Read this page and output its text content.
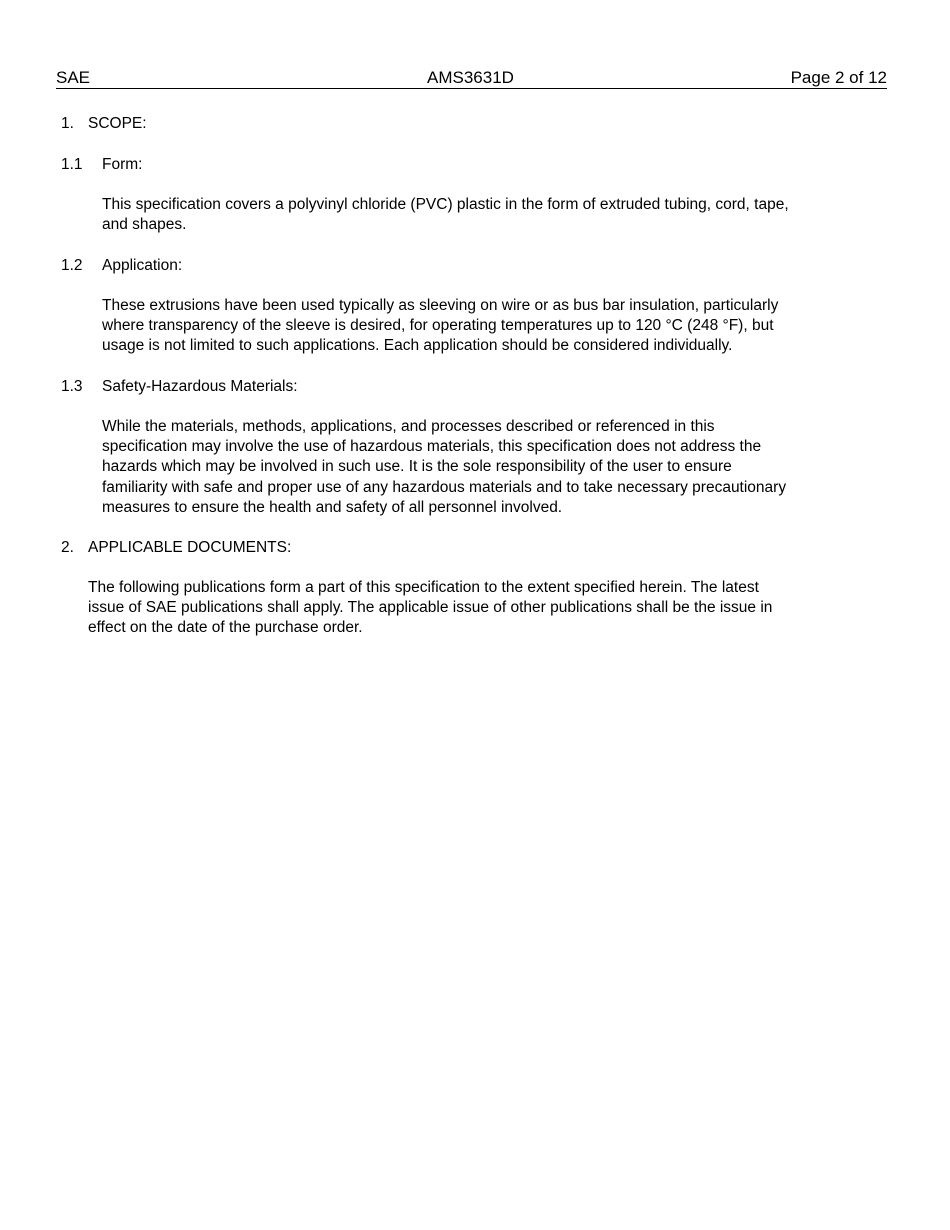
SAE	AMS3631D	Page 2 of 12
1. SCOPE:
1.1 Form:

This specification covers a polyvinyl chloride (PVC) plastic in the form of extruded tubing, cord, tape,

and shapes.

1.2 Application:

These extrusions have been used typically as sleeving on wire or as bus bar insulation, particularly

where transparency of the sleeve is desired, for operating temperatures up to 120 °C (248 °F), but

usage is not limited to such applications. Each application should be considered individually.

1.3 Safety-Hazardous Materials:

While the materials, methods, applications, and processes described or referenced in this

specification may involve the use of hazardous materials, this specification does not address the

hazards which may be involved in such use. It is the sole responsibility of the user to ensure

familiarity with safe and proper use of any hazardous materials and to take necessary precautionary

measures to ensure the health and safety of all personnel involved.

2. APPLICABLE DOCUMENTS:

The following publications form a part of this specification to the extent specified herein. The latest

issue of SAE publications shall apply. The applicable issue of other publications shall be the issue in

effect on the date of the purchase order.
